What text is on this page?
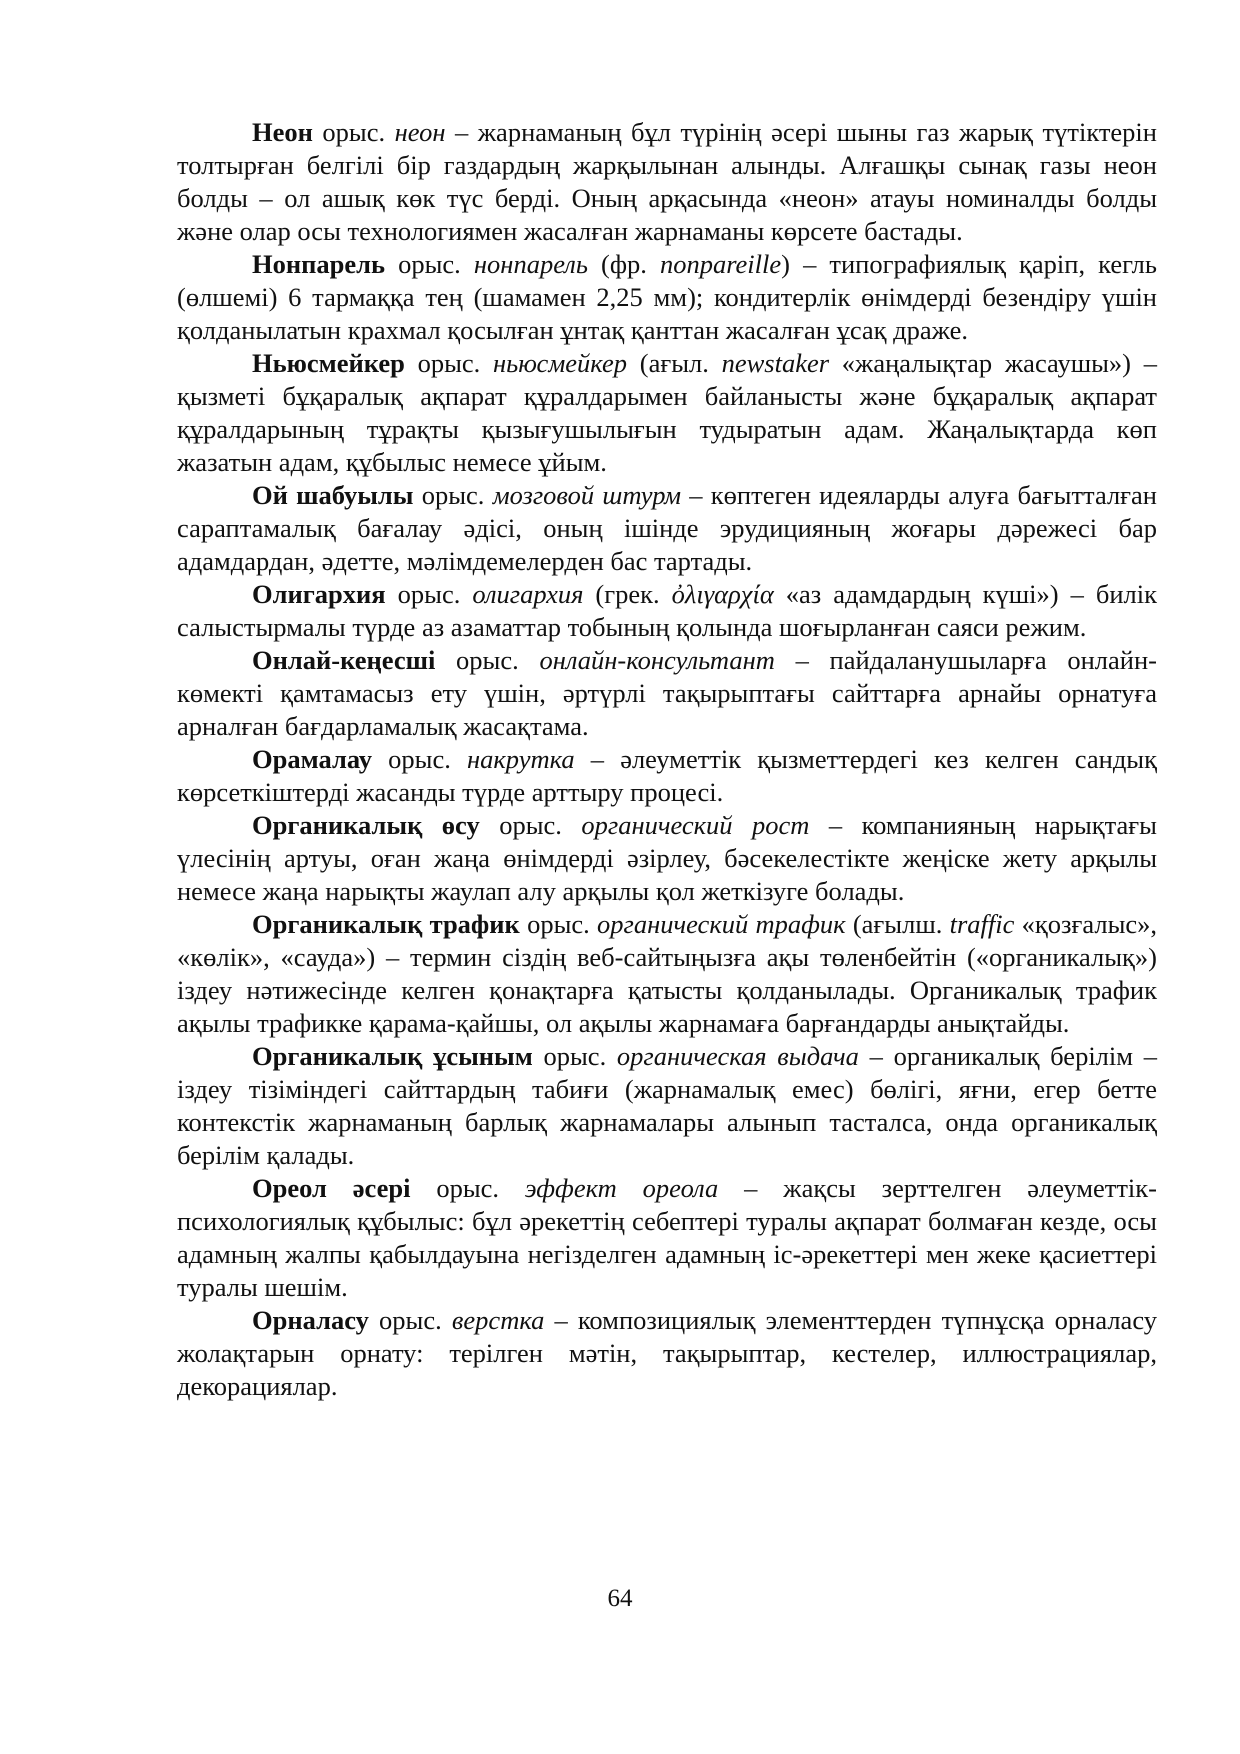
Неон орыс. неон – жарнаманың бұл түрінің әсері шыны газ жарық түтіктерін толтырған белгілі бір газдардың жарқылынан алынды. Алғашқы сынақ газы неон болды – ол ашық көк түс берді. Оның арқасында «неон» атауы номиналды болды және олар осы технологиямен жасалған жарнаманы көрсете бастады.

Нонпарель орыс. нонпарель (фр. nonpareille) – типографиялық қаріп, кегль (өлшемі) 6 тармаққа тең (шамамен 2,25 мм); кондитерлік өнімдерді безендіру үшін қолданылатын крахмал қосылған ұнтақ қанттан жасалған ұсақ драже.

Ньюсмейкер орыс. ньюсмейкер (ағыл. newstaker «жаңалықтар жасаушы») – қызметі бұқаралық ақпарат құралдарымен байланысты және бұқаралық ақпарат құралдарының тұрақты қызығушылығын тудыратын адам. Жаңалықтарда көп жазатын адам, құбылыс немесе ұйым.

Ой шабуылы орыс. мозговой штурм – көптеген идеяларды алуға бағытталған сараптамалық бағалау әдісі, оның ішінде эрудицияның жоғары дәрежесі бар адамдардан, әдетте, мәлімдемелерден бас тартады.

Олигархия орыс. олигархия (грек. ὀλιγαρχία «аз адамдардың күші») – билік салыстырмалы түрде аз азаматтар тобының қолында шоғырланған саяси режим.

Онлай-кеңесші орыс. онлайн-консультант – пайдаланушыларға онлайн-көмекті қамтамасыз ету үшін, әртүрлі тақырыптағы сайттарға арнайы орнатуға арналған бағдарламалық жасақтама.

Орамалау орыс. накрутка – әлеуметтік қызметтердегі кез келген сандық көрсеткіштерді жасанды түрде арттыру процесі.

Органикалық өсу орыс. органический рост – компанияның нарықтағы үлесінің артуы, оған жаңа өнімдерді әзірлеу, бәсекелестікте жеңіске жету арқылы немесе жаңа нарықты жаулап алу арқылы қол жеткізуге болады.

Органикалық трафик орыс. органический трафик (ағылш. traffic «қозғалыс», «көлік», «сауда») – термин сіздің веб-сайтыңызға ақы төленбейтін («органикалық») іздеу нәтижесінде келген қонақтарға қатысты қолданылады. Органикалық трафик ақылы трафикке қарама-қайшы, ол ақылы жарнамаға барғандарды анықтайды.

Органикалық ұсыным орыс. органическая выдача – органикалық берілім – іздеу тізіміндегі сайттардың табиғи (жарнамалық емес) бөлігі, яғни, егер бетте контекстік жарнаманың барлық жарнамалары алынып тасталса, онда органикалық берілім қалады.

Ореол әсері орыс. эффект ореола – жақсы зерттелген әлеуметтік-психологиялық құбылыс: бұл әрекеттің себептері туралы ақпарат болмаған кезде, осы адамның жалпы қабылдауына негізделген адамның іс-әрекеттері мен жеке қасиеттері туралы шешім.

Орналасу орыс. верстка – композициялық элементтерден түпнұсқа орналасу жолақтарын орнату: терілген мәтін, тақырыптар, кестелер, иллюстрациялар, декорациялар.

64
